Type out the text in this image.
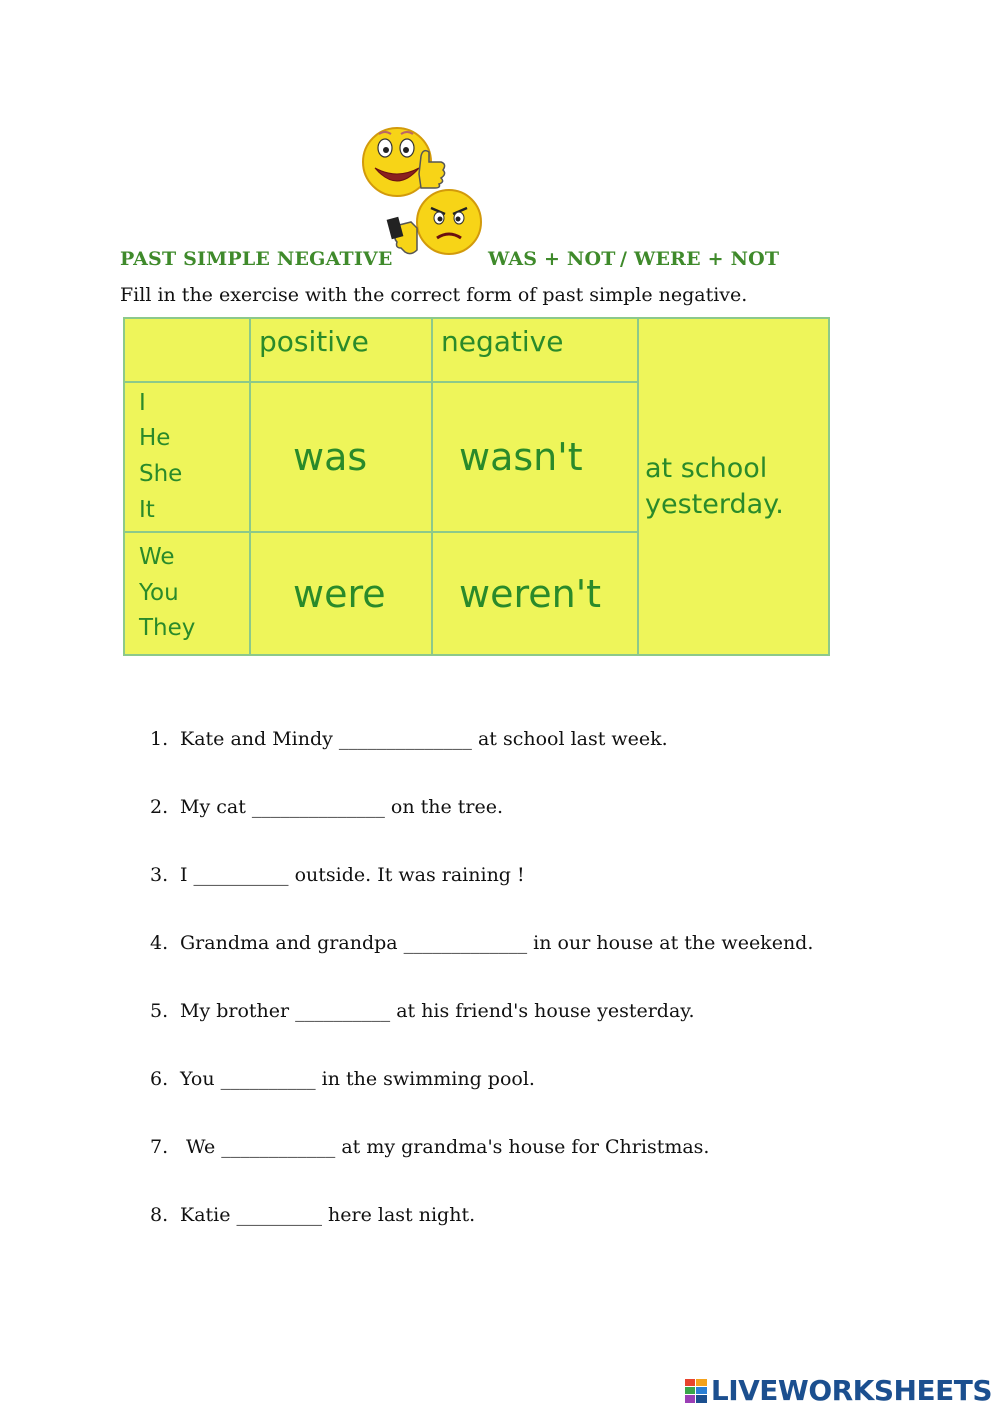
PAST SIMPLE NEGATIVE	WAS + NOT / WERE + NOT
Fill in the exercise with the correct form of past simple negative.
	positive	negative	at school
yesterday.

I
He
She
It	was	wasn't	

We
You
They	were	weren't	
1. Kate and Mindy ______________ at school last week.
2. My cat ______________ on the tree.
3. I __________ outside. It was raining !
4. Grandma and grandpa _____________ in our house at the weekend.
5. My brother __________ at his friend's house yesterday.
6. You __________ in the swimming pool.
7. We ____________ at my grandma's house for Christmas.
8. Katie _________ here last night.
LIVEWORKSHEETS
